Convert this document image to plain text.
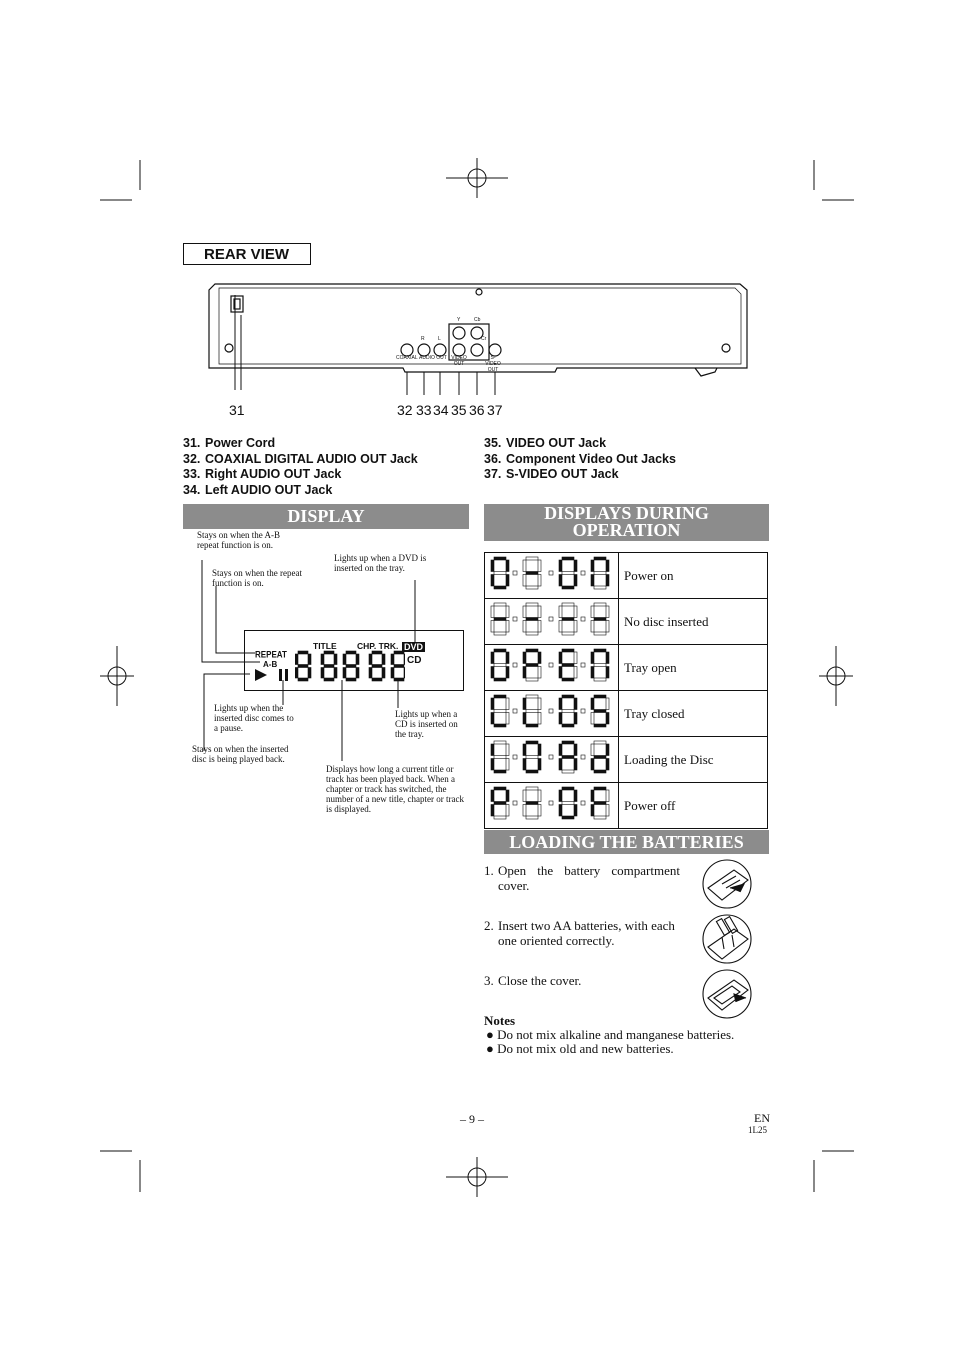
REAR VIEW
COAXIAL AUDIO OUT VIDEO OUT
S-VIDEO OUT
R	L
Y	Cb
Cr
31	32 33 34 35 36 37
31. Power Cord
32. COAXIAL DIGITAL AUDIO OUT Jack
33. Right AUDIO OUT Jack
34. Left AUDIO OUT Jack
35. VIDEO OUT Jack
36. Component Video Out Jacks
37. S-VIDEO OUT Jack
DISPLAY
Stays on when the A-B repeat function is on.
Stays on when the repeat function is on.
Lights up when a DVD is inserted on the tray.
Lights up when the inserted disc comes to a pause.
Stays on when the inserted disc is being played back.
Lights up when a CD is inserted on the tray.
Displays how long a current title or track has been played back. When a chapter or track has switched, the number of a new title, chapter or track is displayed.
REPEAT
A-B
TITLE CHP. TRK. DVD
CD
DISPLAYS DURING
OPERATION
	Power on
	No disc inserted
	Tray open
	Tray closed
	Loading the Disc
	Power off
LOADING THE BATTERIES
1. Open the battery compartment cover.
2. Insert two AA batteries, with each one oriented correctly.
3. Close the cover.
Notes
● Do not mix alkaline and manganese batteries.
● Do not mix old and new batteries.
– 9 –	EN
1L25
